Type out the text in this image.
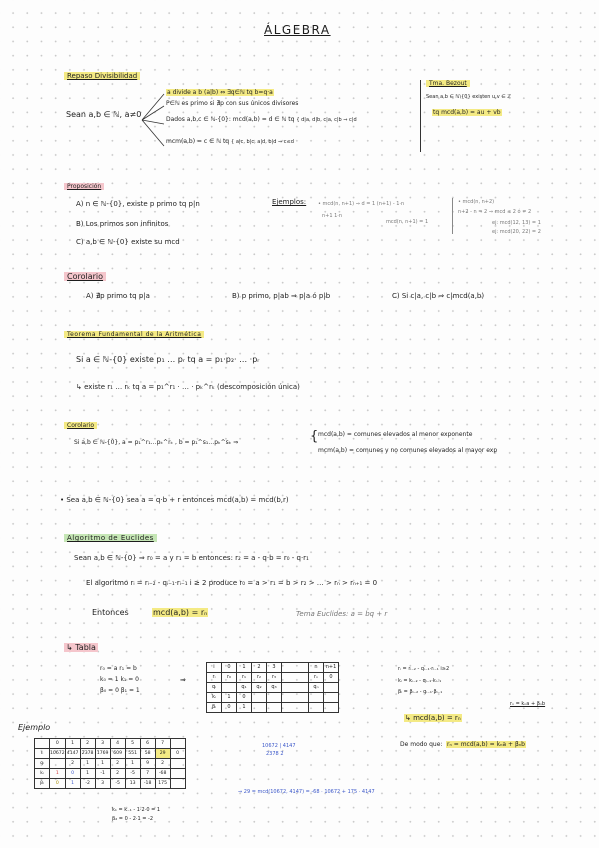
ÁLGEBRA
Repaso Divisibilidad
Sean a,b ∈ ℕ, a≠0
a divide a b (a|b) ⇔ ∃q∈ℕ tq b=q·a
P∈ℕ es primo si ∄p con sus únicos divisores
Dados a,b,c ∈ ℕ-{0}: mcd(a,b) = d ∈ ℕ tq { d|a, d|b, c|a, c|b ⇒ c|d
mcm(a,b) = c ∈ ℕ tq { a|c, b|c, a|d, b|d ⇒ c≤d
Tma. Bezout
Sean a,b ∈ ℕ\{0} existen u,v ∈ ℤ
tq mcd(a,b) = au + vb
Proposición
A) n ∈ ℕ-{0}, existe p primo tq p|n
B) Los primos son infinitos
C) a,b ∈ ℕ-{0} existe su mcd
Ejemplos: • mcd(n, n+1) ⇒ d = 1 (n+1) - 1·n
n+1 1·n
mcd(n, n+1) = 1
• mcd(n, n+2)
n+2 - n = 2 ⇒ mcd ≤ 2 ó = 2
ej: mcd(12, 13) = 1
ej: mcd(20, 22) = 2
Corolario
A) ∄p primo tq p|a	B) p primo, p|ab ⇒ p|a ó p|b	C) Si c|a, c|b ⇒ c|mcd(a,b)
Teorema Fundamental de la Aritmética
Si a ∈ ℕ-{0} existe p₁ … pᵣ tq a = p₁·p₂· … ·pᵣ
↳ existe r₁ … rₖ tq a = p₁^r₁ · … · pₖ^rₖ (descomposición única)
Corolario
Si a,b ∈ ℕ-{0}, a = p₁^r₁…pₖ^rₖ , b = p₁^s₁…pₖ^sₖ ⇒	{ mcd(a,b) = comunes elevados al menor exponente
mcm(a,b) = comunes y no comunes elevados al mayor exp
• Sea a,b ∈ ℕ-{0} sea a = q·b + r entonces mcd(a,b) = mcd(b,r)
Algoritmo de Euclides
Sean a,b ∈ ℕ-{0} ⇒ r₀ = a y r₁ = b entonces: r₂ = a - q·b = r₀ - q·r₁
El algoritmo rᵢ = rᵢ₋₂ - qᵢ₋₁·rᵢ₋₁ i ≥ 2 produce r₀ = a > r₁ = b > r₂ > … > rₙ > rₙ₊₁ = 0
Entonces	mcd(a,b) = rₙ	Tema Euclides: a = bq + r
↳ Tabla
r₀ = a r₁ = b
k₀ = 1 k₁ = 0
β₀ = 0 β₁ = 1
⇒
i	0	1	2	3		n	n+1
rᵢ	r₀	r₁	r₂	r₃		rₙ	0
qᵢ		q₁	q₂	q₃		qₙ	
kᵢ	1	0					
βᵢ	0	1					
rᵢ = rᵢ₋₂ - qᵢ₋₁·rᵢ₋₁ i≥2
kᵢ = kᵢ₋₂ - qᵢ₋₁·kᵢ₋₁
βᵢ = βᵢ₋₂ - qᵢ₋₁·βᵢ₋₁
↳ mcd(a,b) = rₙ
rₙ = kₙa + βₙb
De modo que: rₙ = mcd(a,b) = kₙa + βₙb
Ejemplo
	0	1	2	3	4	5	6	7	
rᵢ	10672	4147	2378	1769	609	551	58	29	0
qᵢ		2	1	1	2	1	9	2	
kᵢ	1	0	1	-1	2	-5	7	-68	
βᵢ	0	1	-2	3	-5	13	-18	175	
10672 | 4147
2378 2
⇒ 29 = mcd(10672, 4147) = -68 · 10672 + 175 · 4147
k₁ = k₋₁ - 1·2·0 = 1
β₂ = 0 - 2·1 = -2
